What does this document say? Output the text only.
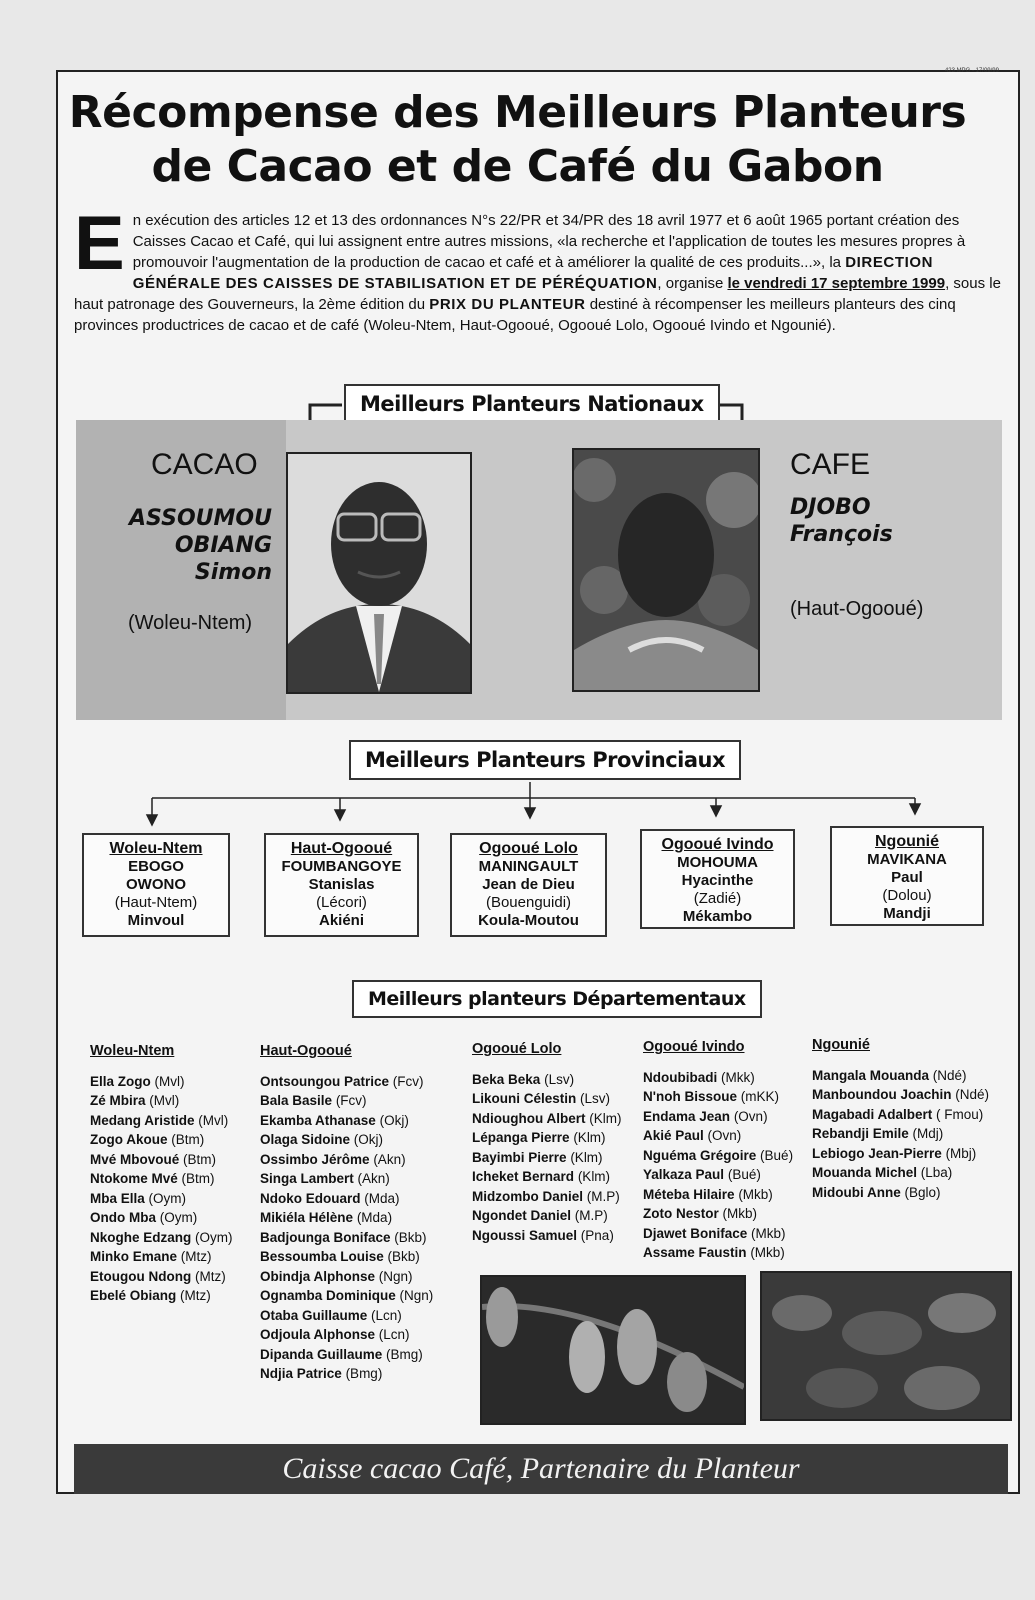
423 MPG - 17/09/99
Récompense des Meilleurs Planteurs
de Cacao et de Café du Gabon
E n exécution des articles 12 et 13 des ordonnances N°s 22/PR et 34/PR des 18 avril 1977 et 6 août 1965 portant création des Caisses Cacao et Café, qui lui assignent entre autres missions, «la recherche et l'application de toutes les mesures propres à promouvoir l'augmentation de la production de cacao et café et à améliorer la qualité de ces produits...», la DIRECTION GÉNÉRALE DES CAISSES DE STABILISATION ET DE PÉRÉQUATION, organise le vendredi 17 septembre 1999, sous le haut patronage des Gouverneurs, la 2ème édition du PRIX DU PLANTEUR destiné à récompenser les meilleurs planteurs des cinq provinces productrices de cacao et de café (Woleu-Ntem, Haut-Ogooué, Ogooué Lolo, Ogooué Ivindo et Ngounié).
Meilleurs Planteurs Nationaux
CACAO
ASSOUMOU
OBIANG
Simon
(Woleu-Ntem)
CAFE
DJOBO
François
(Haut-Ogooué)
Meilleurs Planteurs Provinciaux
Woleu-Ntem
EBOGO
OWONO
(Haut-Ntem)
Minvoul
Haut-Ogooué
FOUMBANGOYE
Stanislas
(Lécori)
Akiéni
Ogooué Lolo
MANINGAULT
Jean de Dieu
(Bouenguidi)
Koula-Moutou
Ogooué Ivindo
MOHOUMA
Hyacinthe
(Zadié)
Mékambo
Ngounié
MAVIKANA
Paul
(Dolou)
Mandji
Meilleurs planteurs Départementaux
Woleu-Ntem
Ella Zogo (Mvl)
Zé Mbira (Mvl)
Medang Aristide (Mvl)
Zogo Akoue (Btm)
Mvé Mbovoué (Btm)
Ntokome Mvé (Btm)
Mba Ella (Oym)
Ondo Mba (Oym)
Nkoghe Edzang (Oym)
Minko Emane (Mtz)
Etougou Ndong (Mtz)
Ebelé Obiang (Mtz)
Haut-Ogooué
Ontsoungou Patrice (Fcv)
Bala Basile (Fcv)
Ekamba Athanase (Okj)
Olaga Sidoine (Okj)
Ossimbo Jérôme (Akn)
Singa Lambert (Akn)
Ndoko Edouard (Mda)
Mikiéla Hélène (Mda)
Badjounga Boniface (Bkb)
Bessoumba Louise (Bkb)
Obindja Alphonse (Ngn)
Ognamba Dominique (Ngn)
Otaba Guillaume (Lcn)
Odjoula Alphonse (Lcn)
Dipanda Guillaume (Bmg)
Ndjia Patrice (Bmg)
Ogooué Lolo
Beka Beka (Lsv)
Likouni Célestin (Lsv)
Ndioughou Albert (Klm)
Lépanga Pierre (Klm)
Bayimbi Pierre (Klm)
Icheket Bernard (Klm)
Midzombo Daniel (M.P)
Ngondet Daniel (M.P)
Ngoussi Samuel (Pna)
Ogooué Ivindo
Ndoubibadi (Mkk)
N'noh Bissoue (mKK)
Endama Jean (Ovn)
Akié Paul (Ovn)
Nguéma Grégoire (Bué)
Yalkaza Paul (Bué)
Méteba Hilaire (Mkb)
Zoto Nestor (Mkb)
Djawet Boniface (Mkb)
Assame Faustin (Mkb)
Ngounié
Mangala Mouanda (Ndé)
Manboundou Joachin (Ndé)
Magabadi Adalbert ( Fmou)
Rebandji Emile (Mdj)
Lebiogo Jean-Pierre (Mbj)
Mouanda Michel (Lba)
Midoubi Anne (Bglo)
Caisse cacao Café, Partenaire du Planteur
